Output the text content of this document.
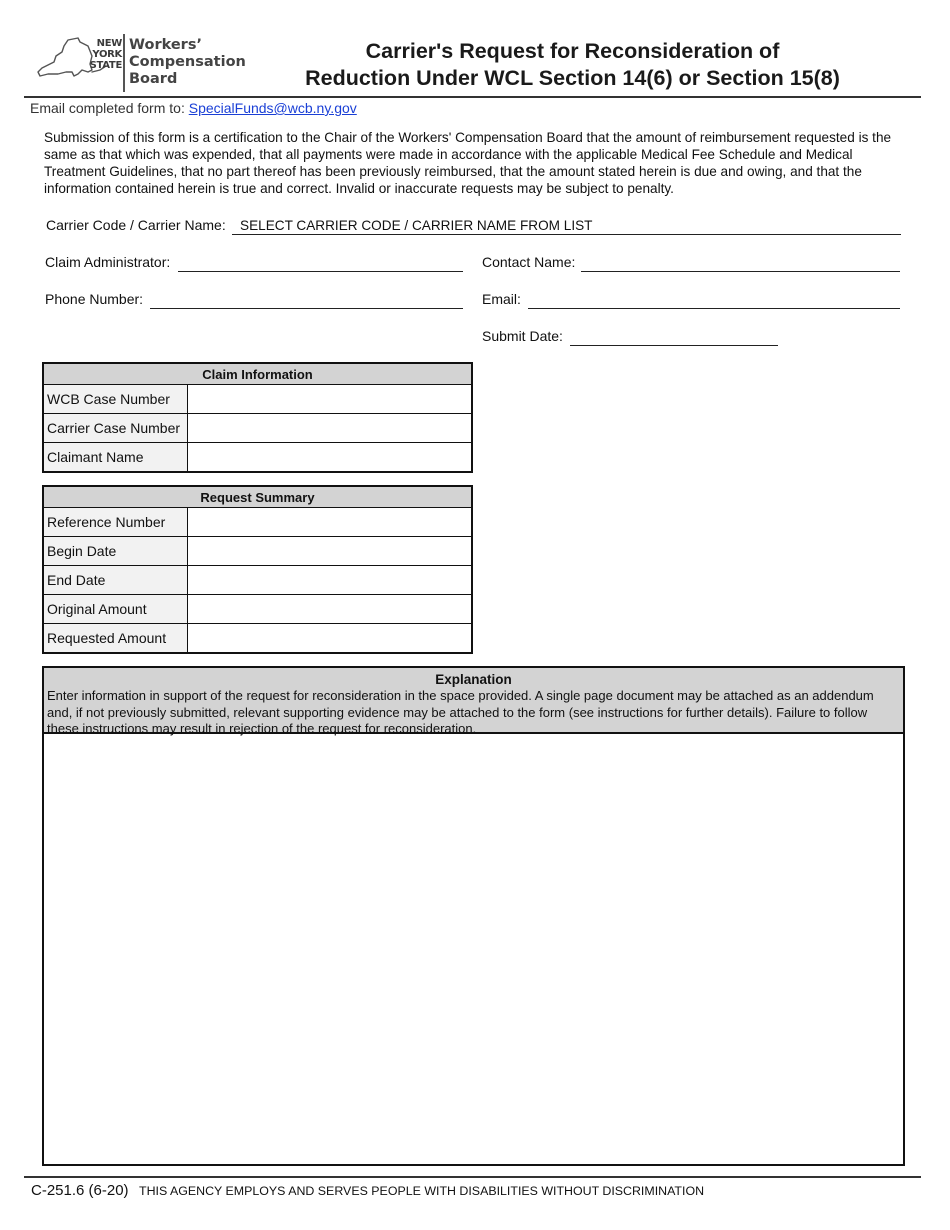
NEW
YORK
STATE
Workers’
Compensation
Board
Carrier's Request for Reconsideration of
Reduction Under WCL Section 14(6) or Section 15(8)
Email completed form to: SpecialFunds@wcb.ny.gov
Submission of this form is a certification to the Chair of the Workers' Compensation Board that the amount of reimbursement requested is the same as that which was expended, that all payments were made in accordance with the applicable Medical Fee Schedule and Medical Treatment Guidelines, that no part thereof has been previously reimbursed, that the amount stated herein is due and owing, and that the information contained herein is true and correct. Invalid or inaccurate requests may be subject to penalty.
Carrier Code / Carrier Name:	SELECT CARRIER CODE / CARRIER NAME FROM LIST
Claim Administrator:	Contact Name:
Phone Number:	Email:
Submit Date:
Claim Information	
WCB Case Number	
Carrier Case Number	
Claimant Name	
Request Summary	
Reference Number	
Begin Date	
End Date	
Original Amount	
Requested Amount	
Explanation
Enter information in support of the request for reconsideration in the space provided. A single page document may be attached as an addendum and, if not previously submitted, relevant supporting evidence may be attached to the form (see instructions for further details). Failure to follow these instructions may result in rejection of the request for reconsideration.
C-251.6 (6-20) THIS AGENCY EMPLOYS AND SERVES PEOPLE WITH DISABILITIES WITHOUT DISCRIMINATION
